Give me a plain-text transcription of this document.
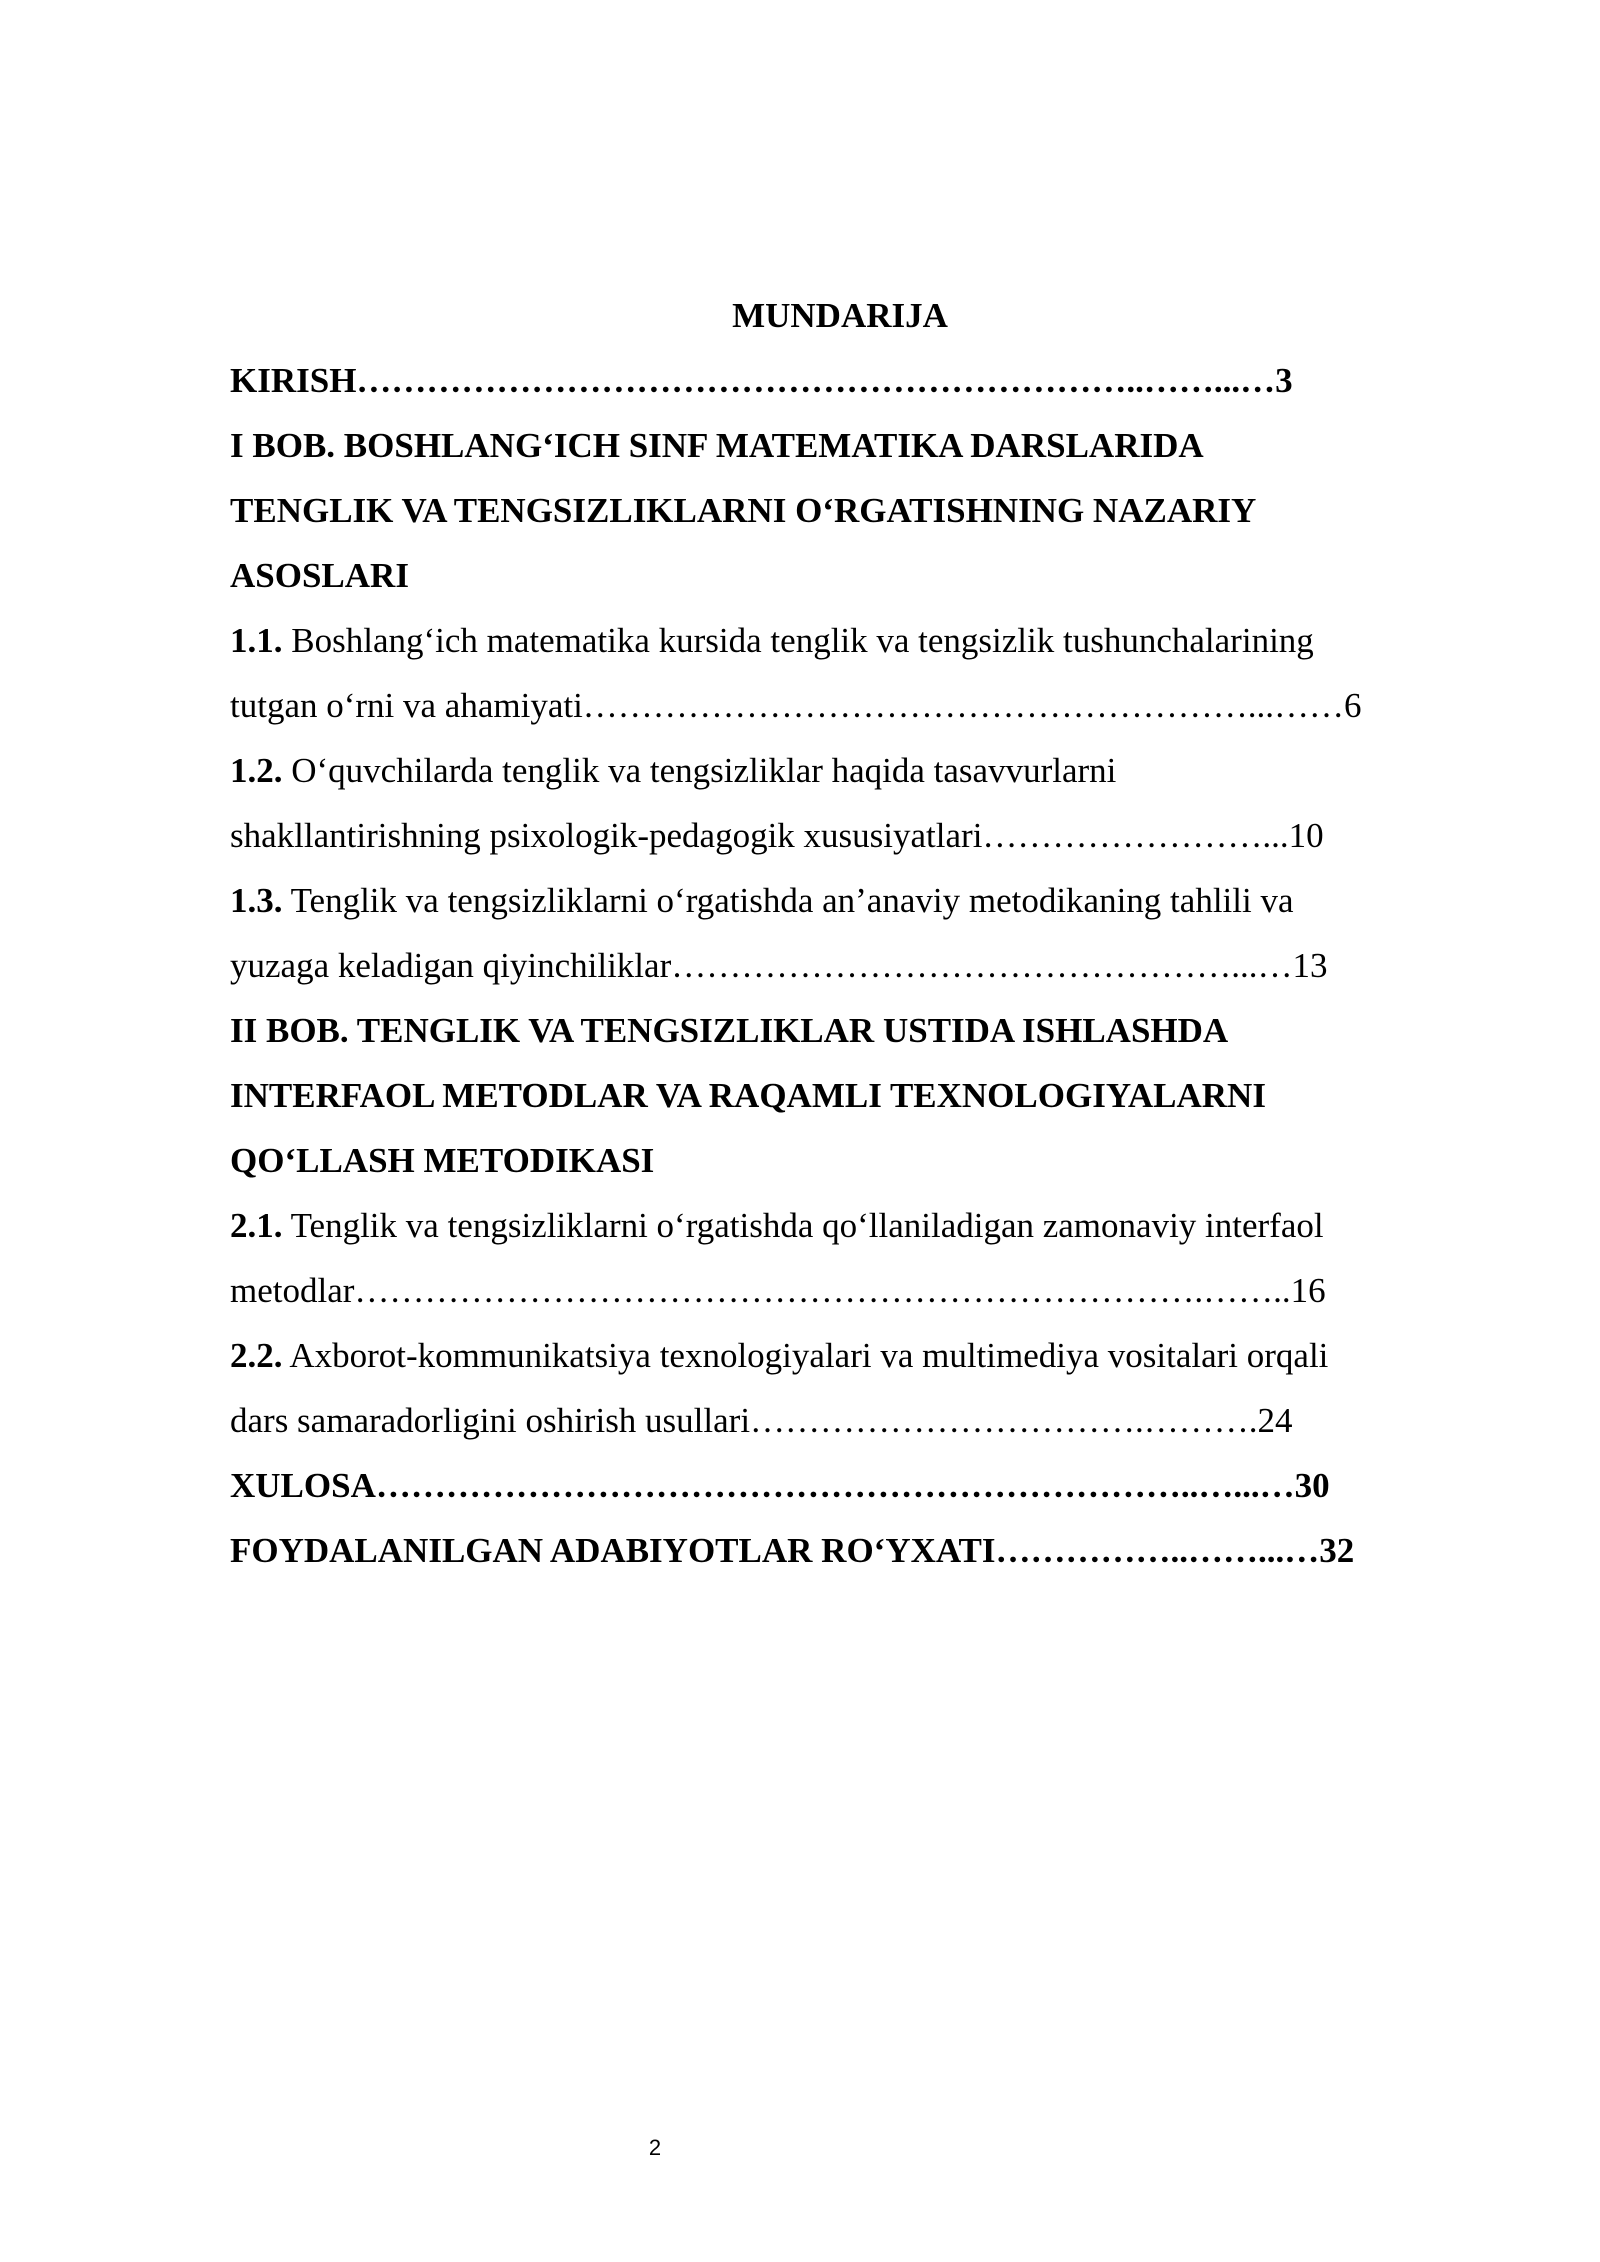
MUNDARIJA
KIRISH…………………………………………………………..……...…3
I BOB. BOSHLANG‘ICH SINF MATEMATIKA DARSLARIDA
TENGLIK VA TENGSIZLIKLARNI O‘RGATISHNING NAZARIY
ASOSLARI
1.1. Boshlang‘ich matematika kursida tenglik va tengsizlik tushunchalarining
tutgan o‘rni va ahamiyati…………………………………………………...……6
1.2. O‘quvchilarda tenglik va tengsizliklar haqida tasavvurlarni
shakllantirishning psixologik-pedagogik xususiyatlari……………………...10
1.3. Tenglik va tengsizliklarni o‘rgatishda an’anaviy metodikaning tahlili va
yuzaga keladigan qiyinchiliklar…………………………………………...…13
II BOB. TENGLIK VA TENGSIZLIKLAR USTIDA ISHLASHDA
INTERFAOL METODLAR VA RAQAMLI TEXNOLOGIYALARNI
QO‘LLASH METODIKASI
2.1. Tenglik va tengsizliklarni o‘rgatishda qo‘llaniladigan zamonaviy interfaol
metodlar……………………………………………………………….……..16
2.2. Axborot-kommunikatsiya texnologiyalari va multimediya vositalari orqali
dars samaradorligini oshirish usullari…………………………….……….24
XULOSA……………………………………………………………..…...…30
FOYDALANILGAN ADABIYOTLAR RO‘YXATI……………..……...…32
2
